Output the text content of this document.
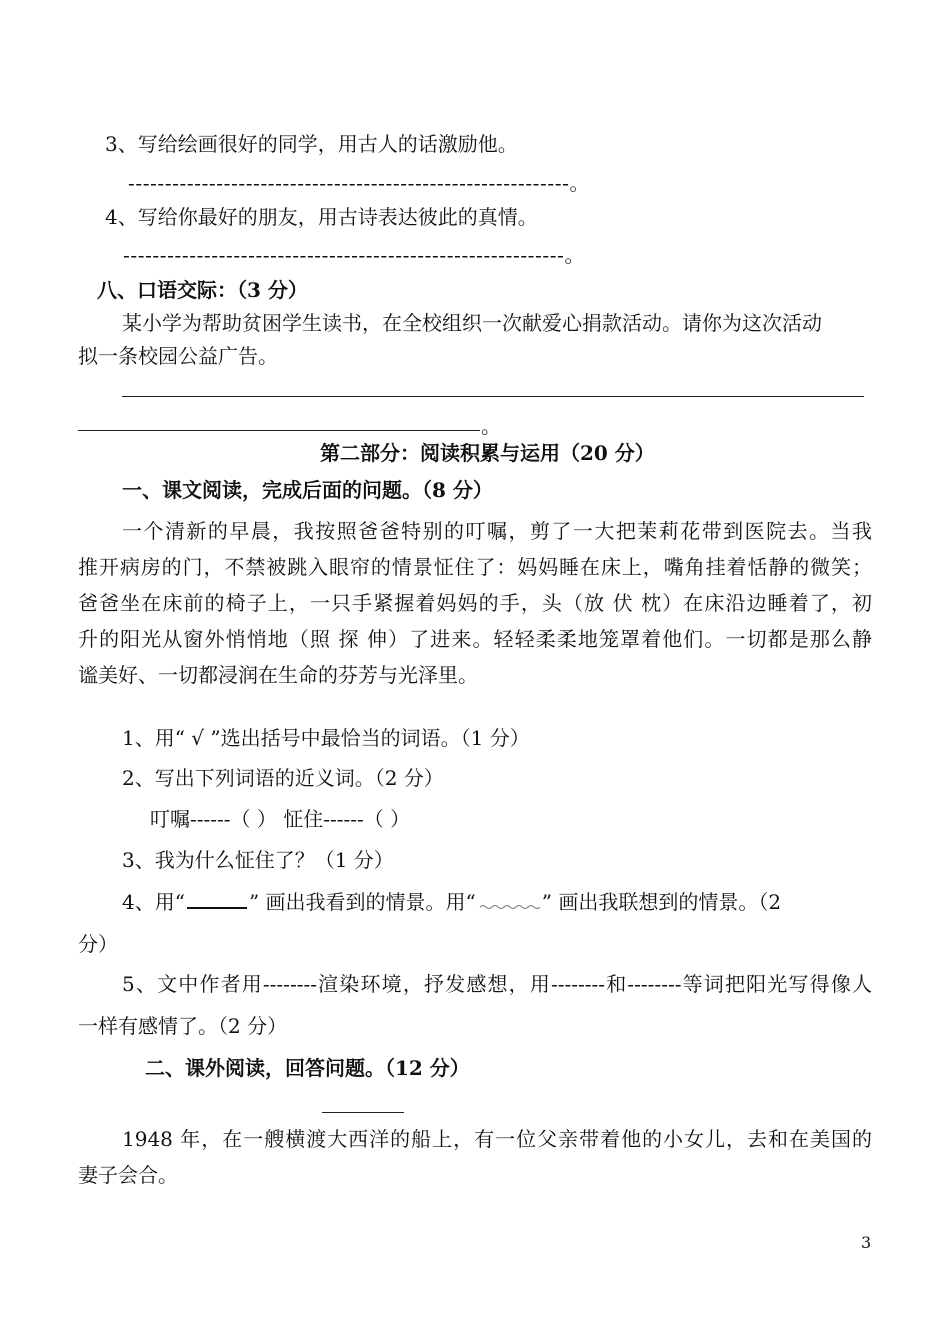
3、写给绘画很好的同学，用古人的话激励他。
------------------------------------------------------------。
4、写给你最好的朋友，用古诗表达彼此的真情。
------------------------------------------------------------。
八、口语交际：（3 分）
某小学为帮助贫困学生读书，在全校组织一次献爱心捐款活动。请你为这次活动
拟一条校园公益广告。
。
第二部分：阅读积累与运用（20 分）
一、课文阅读，完成后面的问题。（8 分）
一个清新的早晨，我按照爸爸特别的叮嘱，剪了一大把茉莉花带到医院去。当我
推开病房的门，不禁被跳入眼帘的情景怔住了：妈妈睡在床上，嘴角挂着恬静的微笑；
爸爸坐在床前的椅子上，一只手紧握着妈妈的手，头（放 伏 枕）在床沿边睡着了，初
升的阳光从窗外悄悄地（照 探 伸）了进来。轻轻柔柔地笼罩着他们。一切都是那么静
谧美好、一切都浸润在生命的芬芳与光泽里。
1、用“ √ ”选出括号中最恰当的词语。（1 分）
2、写出下列词语的近义词。（2 分）
叮嘱------（ ） 怔住------（ ）
3、我为什么怔住了？（1 分）
4、用“	” 画出我看到的情景。用“	” 画出我联想到的情景。（2
分）
5、文中作者用--------渲染环境，抒发感想，用--------和--------等词把阳光写得像人
一样有感情了。（2 分）
二、课外阅读，回答问题。（12 分）
1948 年，在一艘横渡大西洋的船上，有一位父亲带着他的小女儿，去和在美国的
妻子会合。
3
